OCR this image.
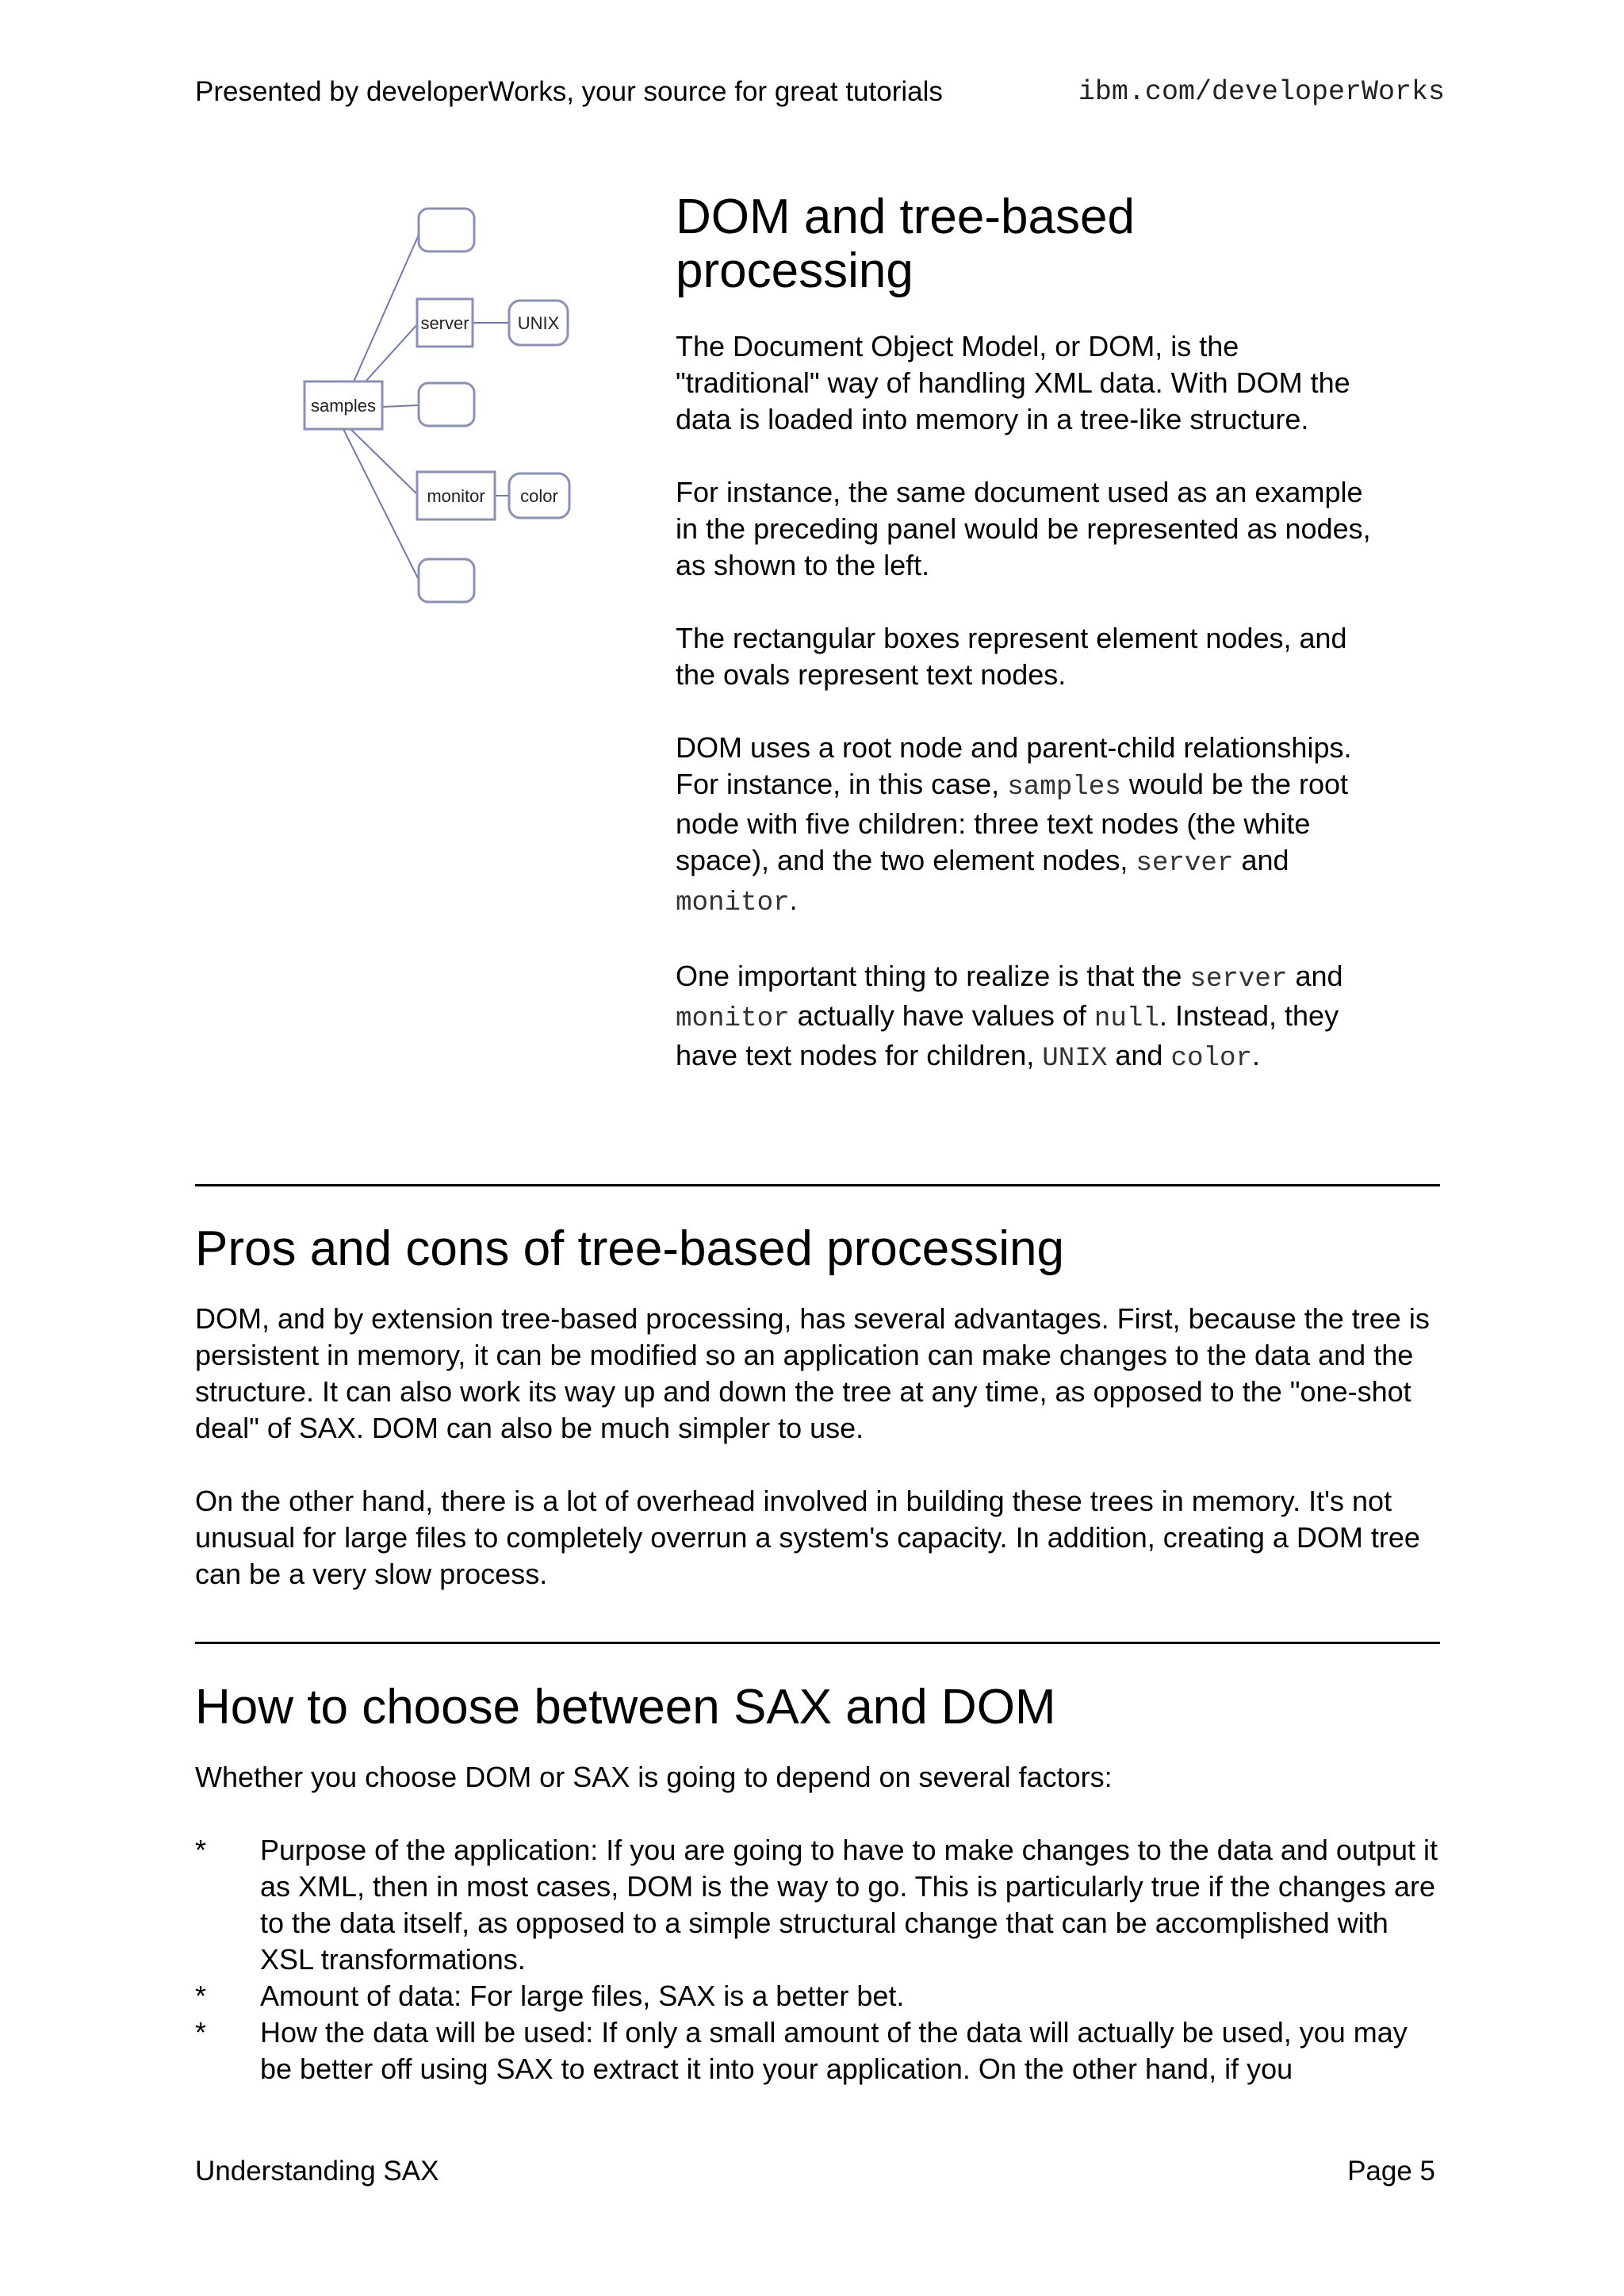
Presented by developerWorks, your source for great tutorials	ibm.com/developerWorks
samples
server
monitor
UNIX
color
DOM and tree-based processing

The Document Object Model, or DOM, is the "traditional" way of handling XML data. With DOM the data is loaded into memory in a tree-like structure.

For instance, the same document used as an example in the preceding panel would be represented as nodes, as shown to the left.

The rectangular boxes represent element nodes, and the ovals represent text nodes.

DOM uses a root node and parent-child relationships. For instance, in this case, samples would be the root node with five children: three text nodes (the white space), and the two element nodes, server and monitor.

One important thing to realize is that the server and monitor actually have values of null. Instead, they have text nodes for children, UNIX and color.

Pros and cons of tree-based processing

DOM, and by extension tree-based processing, has several advantages. First, because the tree is persistent in memory, it can be modified so an application can make changes to the data and the structure. It can also work its way up and down the tree at any time, as opposed to the "one-shot deal" of SAX. DOM can also be much simpler to use.

On the other hand, there is a lot of overhead involved in building these trees in memory. It's not unusual for large files to completely overrun a system's capacity. In addition, creating a DOM tree can be a very slow process.

How to choose between SAX and DOM

Whether you choose DOM or SAX is going to depend on several factors:

* Purpose of the application: If you are going to have to make changes to the data and output it as XML, then in most cases, DOM is the way to go. This is particularly true if the changes are to the data itself, as opposed to a simple structural change that can be accomplished with XSL transformations.
* Amount of data: For large files, SAX is a better bet.
* How the data will be used: If only a small amount of the data will actually be used, you may be better off using SAX to extract it into your application. On the other hand, if you
Understanding SAX	Page 5
